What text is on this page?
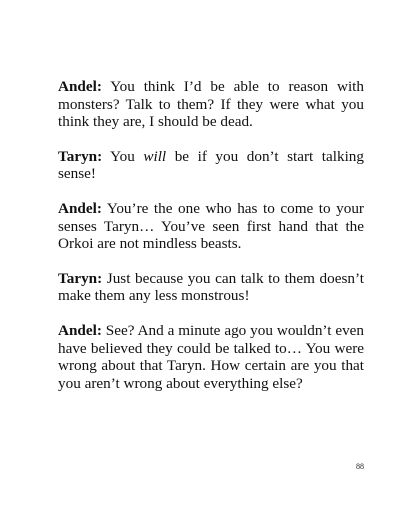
Andel: You think I’d be able to reason with monsters? Talk to them? If they were what you think they are, I should be dead.

Taryn: You will be if you don’t start talking sense!

Andel: You’re the one who has to come to your senses Taryn… You’ve seen first hand that the Orkoi are not mindless beasts.

Taryn: Just because you can talk to them doesn’t make them any less monstrous!

Andel: See? And a minute ago you wouldn’t even have believed they could be talked to… You were wrong about that Taryn. How certain are you that you aren’t wrong about everything else?

88
